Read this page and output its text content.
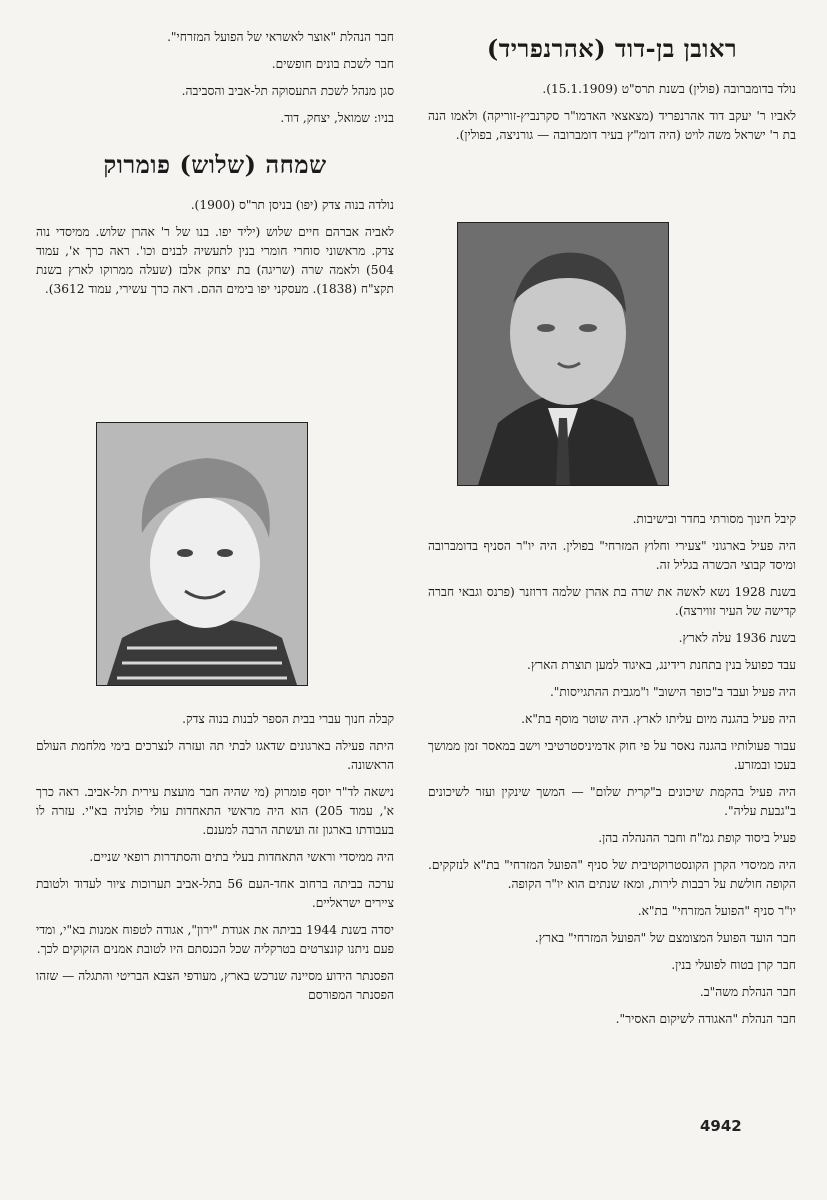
ראובן בן-דוד (אהרנפריד)

נולד בדומברובה (פולין) בשנת תרס"ט (15.1.1909).

לאביו ר' יעקב דוד אהרנפריד (מצאצאי האדמו"ר סקרנביץ-זוריקה) ולאמו הנה בת ר' ישראל משה לויט (היה דומ"ץ בעיר דומברובה — גורניצה, בפולין).

קיבל חינוך מסורתי בחדר ובישיבות.

היה פעיל בארגוני "צעירי וחלוץ המזרחי" בפולין. היה יו"ר הסניף בדומברובה ומיסד קבוצי הכשרה בגליל זה.

בשנת 1928 נשא לאשה את שרה בת אהרן שלמה דרוזנר (פרנס וגבאי חברה קדישה של העיר זווירצה).

בשנת 1936 עלה לארץ.

עבד כפועל בנין בתחנת רידינג, באיגוד למען תוצרת הארץ.

היה פעיל ועבד ב"כופר הישוב" ו"מגבית ההתגייסות".

היה פעיל בהגנה מיום עליתו לארץ. היה שוטר מוסף בת"א.

עבור פעולותיו בהגנה נאסר על פי חוק אדמיניסטרטיבי וישב במאסר זמן ממושך בעכו ובמזרע.

היה פעיל בהקמת שיכונים ב"קרית שלום" — המשך שינקין ועזר לשיכונים ב"גבעת עליה".

פעיל ביסוד קופת גמ"ח וחבר ההנהלה בהן.

היה ממיסדי הקרן הקונסטרוקטיבית של סניף "הפועל המזרחי" בת"א לנזקקים. הקופה חולשת על רבבות לירות, ומאז שנתים הוא יו"ר הקופה.

יו"ר סניף "הפועל המזרחי" בת"א.

חבר הועד הפועל המצומצם של "הפועל המזרחי" בארץ.

חבר קרן בטוח לפועלי בנין.

חבר הנהלת משה"ב.

חבר הנהלת "האגודה לשיקום האסיר".

חבר הנהלת "אוצר לאשראי של הפועל המזרחי".

חבר לשכת בונים חופשים.

סגן מנהל לשכת התעסוקה תל-אביב והסביבה.

בניו: שמואל, יצחק, דוד.

שמחה (שלוש) פומרוק

נולדה בנוה צדק (יפו) בניסן תר"ס (1900).

לאביה אברהם חיים שלוש (יליד יפו. בנו של ר' אהרן שלוש. ממיסדי נוה צדק. מראשוני סוחרי חומרי בנין לתעשיה לבנים וכו'. ראה כרך א', עמוד 504) ולאמה שרה (שריגה) בת יצחק אלבז (שעלה ממרוקו לארץ בשנת תקצ"ח (1838). מעסקני יפו בימים ההם. ראה כרך עשירי, עמוד 3612).

קבלה חנוך עברי בבית הספר לבנות בנוה צדק.

היתה פעילה בארגונים שדאגו לבתי תה ועזרה לנצרכים בימי מלחמת העולם הראשונה.

נישאה לד"ר יוסף פומרוק (מי שהיה חבר מועצת עירית תל-אביב. ראה כרך א', עמוד 205) הוא היה מראשי התאחדות עולי פולניה בא"י. עזרה לו בעבודתו בארגון זה ועשתה הרבה למענם.

היה ממיסדי וראשי התאחדות בעלי בתים והסתדרות רופאי שניים.

ערכה בביתה ברחוב אחד-העם 56 בתל-אביב תערוכות ציור לעדוד ולטובת ציירים ישראליים.

יסדה בשנת 1944 בביתה את אגודת "ירון", אגודה לטפוח אמנות בא"י, ומדי פעם ניתנו קונצרטים בטרקליה שכל הכנסתם היו לטובת אמנים הזקוקים לכך.

הפסנתר הידוע מסיינה שנרכש בארץ, מעודפי הצבא הבריטי והתגלה — שזהו הפסנתר המפורסם

4942
